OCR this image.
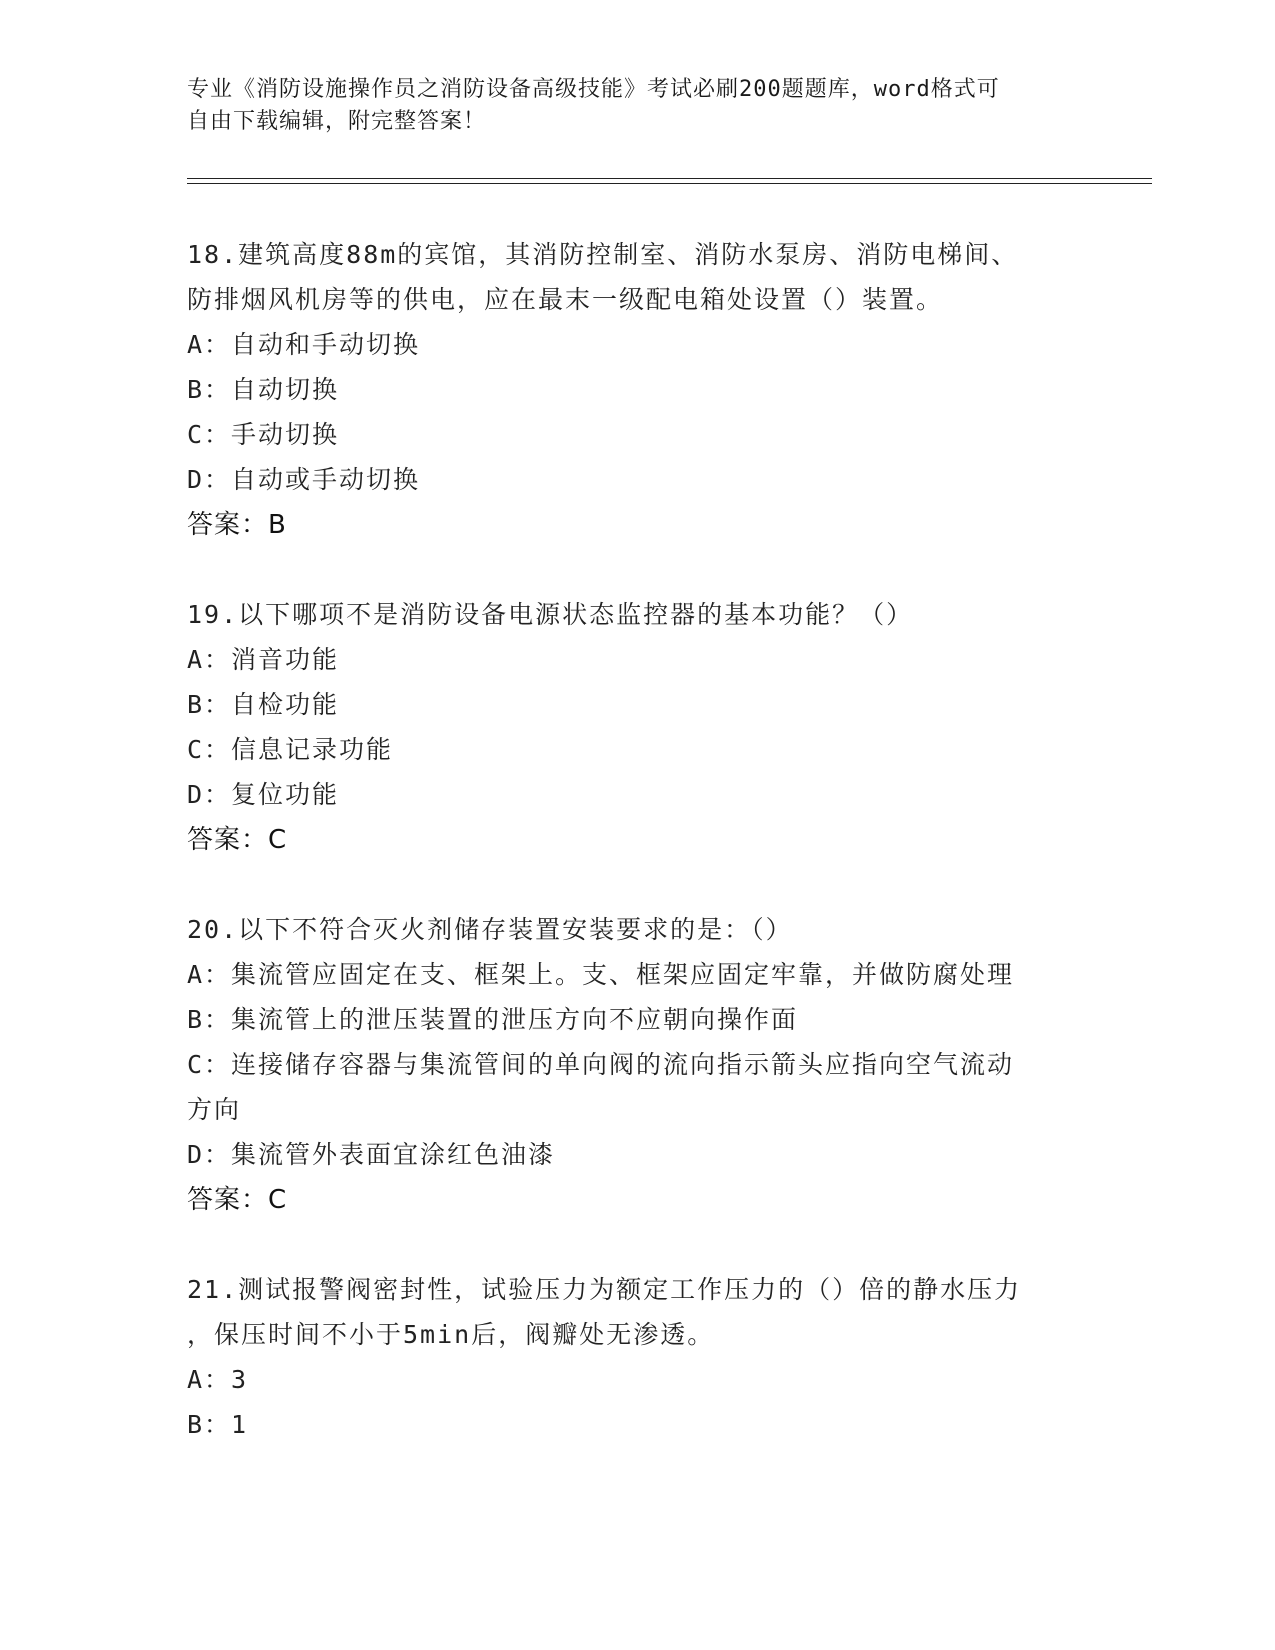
专业《消防设施操作员之消防设备高级技能》考试必刷200题题库，word格式可
自由下载编辑，附完整答案！
18.建筑高度88m的宾馆，其消防控制室、消防水泵房、消防电梯间、
防排烟风机房等的供电，应在最末一级配电箱处设置（）装置。
A：自动和手动切换
B：自动切换
C：手动切换
D：自动或手动切换
答案：B
19.以下哪项不是消防设备电源状态监控器的基本功能？（）
A：消音功能
B：自检功能
C：信息记录功能
D：复位功能
答案：C
20.以下不符合灭火剂储存装置安装要求的是：（）
A：集流管应固定在支、框架上。支、框架应固定牢靠，并做防腐处理
B：集流管上的泄压装置的泄压方向不应朝向操作面
C：连接储存容器与集流管间的单向阀的流向指示箭头应指向空气流动
方向
D：集流管外表面宜涂红色油漆
答案：C
21.测试报警阀密封性，试验压力为额定工作压力的（）倍的静水压力
，保压时间不小于5min后，阀瓣处无渗透。
A：3
B：1
